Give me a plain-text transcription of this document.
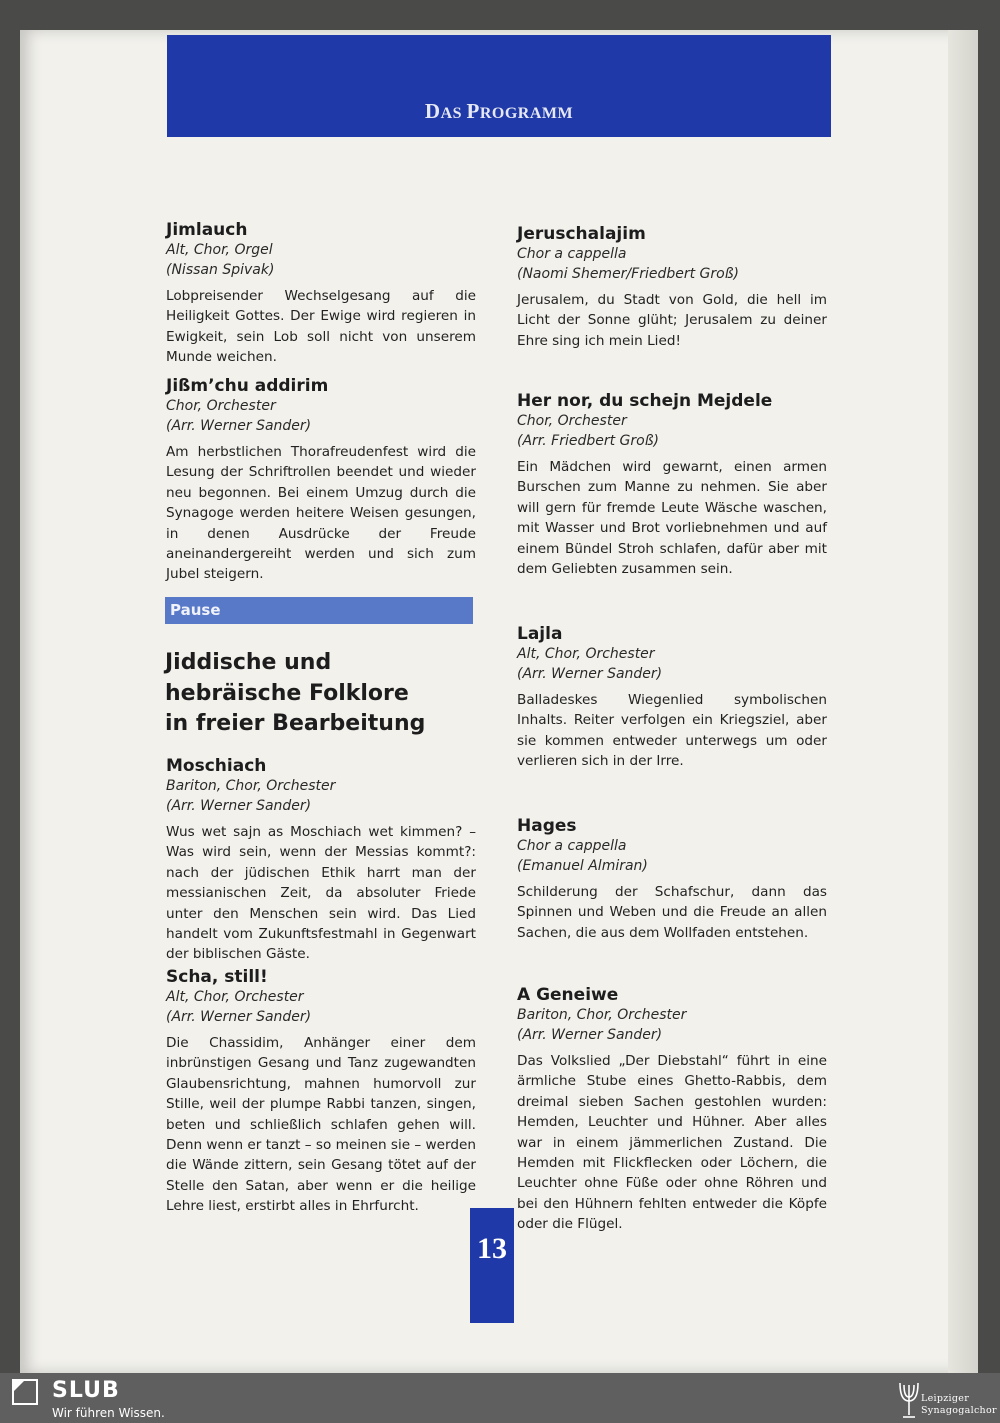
DAS PROGRAMM
Jimlauch
Alt, Chor, Orgel
(Nissan Spivak)

Lobpreisender Wechselgesang auf die Heiligkeit Gottes. Der Ewige wird regieren in Ewigkeit, sein Lob soll nicht von unserem Munde weichen.

Jißm’chu addirim
Chor, Orchester
(Arr. Werner Sander)

Am herbstlichen Thorafreudenfest wird die Lesung der Schriftrollen beendet und wieder neu begonnen. Bei einem Umzug durch die Synagoge werden heitere Weisen gesungen, in denen Ausdrücke der Freude aneinandergereiht werden und sich zum Jubel steigern.

Moschiach
Bariton, Chor, Orchester
(Arr. Werner Sander)

Wus wet sajn as Moschiach wet kimmen? – Was wird sein, wenn der Messias kommt?: nach der jüdischen Ethik harrt man der messianischen Zeit, da absoluter Friede unter den Menschen sein wird. Das Lied handelt vom Zukunftsfestmahl in Gegenwart der biblischen Gäste.

Scha, still!
Alt, Chor, Orchester
(Arr. Werner Sander)

Die Chassidim, Anhänger einer dem inbrünstigen Gesang und Tanz zugewandten Glaubensrichtung, mahnen humorvoll zur Stille, weil der plumpe Rabbi tanzen, singen, beten und schließlich schlafen gehen will. Denn wenn er tanzt – so meinen sie – werden die Wände zittern, sein Gesang tötet auf der Stelle den Satan, aber wenn er die heilige Lehre liest, erstirbt alles in Ehrfurcht.

Pause
Jiddische und
hebräische Folklore
in freier Bearbeitung
Jeruschalajim
Chor a cappella
(Naomi Shemer/Friedbert Groß)

Jerusalem, du Stadt von Gold, die hell im Licht der Sonne glüht; Jerusalem zu deiner Ehre sing ich mein Lied!

Her nor, du schejn Mejdele
Chor, Orchester
(Arr. Friedbert Groß)

Ein Mädchen wird gewarnt, einen armen Burschen zum Manne zu nehmen. Sie aber will gern für fremde Leute Wäsche waschen, mit Wasser und Brot vorliebnehmen und auf einem Bündel Stroh schlafen, dafür aber mit dem Geliebten zusammen sein.

Lajla
Alt, Chor, Orchester
(Arr. Werner Sander)

Balladeskes Wiegenlied symbolischen Inhalts. Reiter verfolgen ein Kriegsziel, aber sie kommen entweder unterwegs um oder verlieren sich in der Irre.

Hages
Chor a cappella
(Emanuel Almiran)

Schilderung der Schafschur, dann das Spinnen und Weben und die Freude an allen Sachen, die aus dem Wollfaden entstehen.

A Geneiwe
Bariton, Chor, Orchester
(Arr. Werner Sander)

Das Volkslied „Der Diebstahl“ führt in eine ärmliche Stube eines Ghetto-Rabbis, dem dreimal sieben Sachen gestohlen wurden: Hemden, Leuchter und Hühner. Aber alles war in einem jämmerlichen Zustand. Die Hemden mit Flickflecken oder Löchern, die Leuchter ohne Füße oder ohne Röhren und bei den Hühnern fehlten entweder die Köpfe oder die Flügel.

13
SLUB
Wir führen Wissen.
Leipziger
Synagogalchor
